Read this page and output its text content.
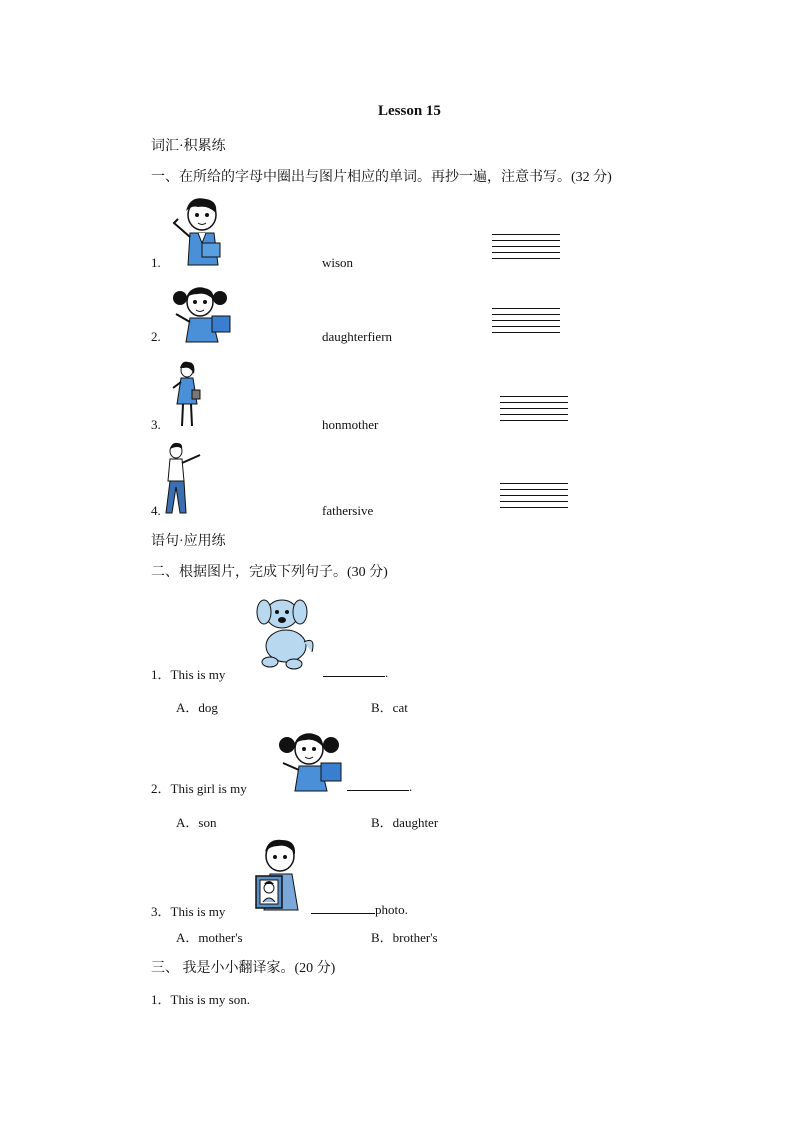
Lesson 15
词汇·积累练
一、在所给的字母中圈出与图片相应的单词。再抄一遍，注意书写。(32 分)
1.	wison
2.	daughterfiern
3.	honmother
4.	fathersive
语句·应用练
二、根据图片，完成下列句子。(30 分)
1．This is my	.
A．dog	B．cat
2．This girl is my	.
A．son	B．daughter
3．This is my	photo.
A．mother's	B．brother's
三、 我是小小翻译家。(20 分)
1．This is my son.
